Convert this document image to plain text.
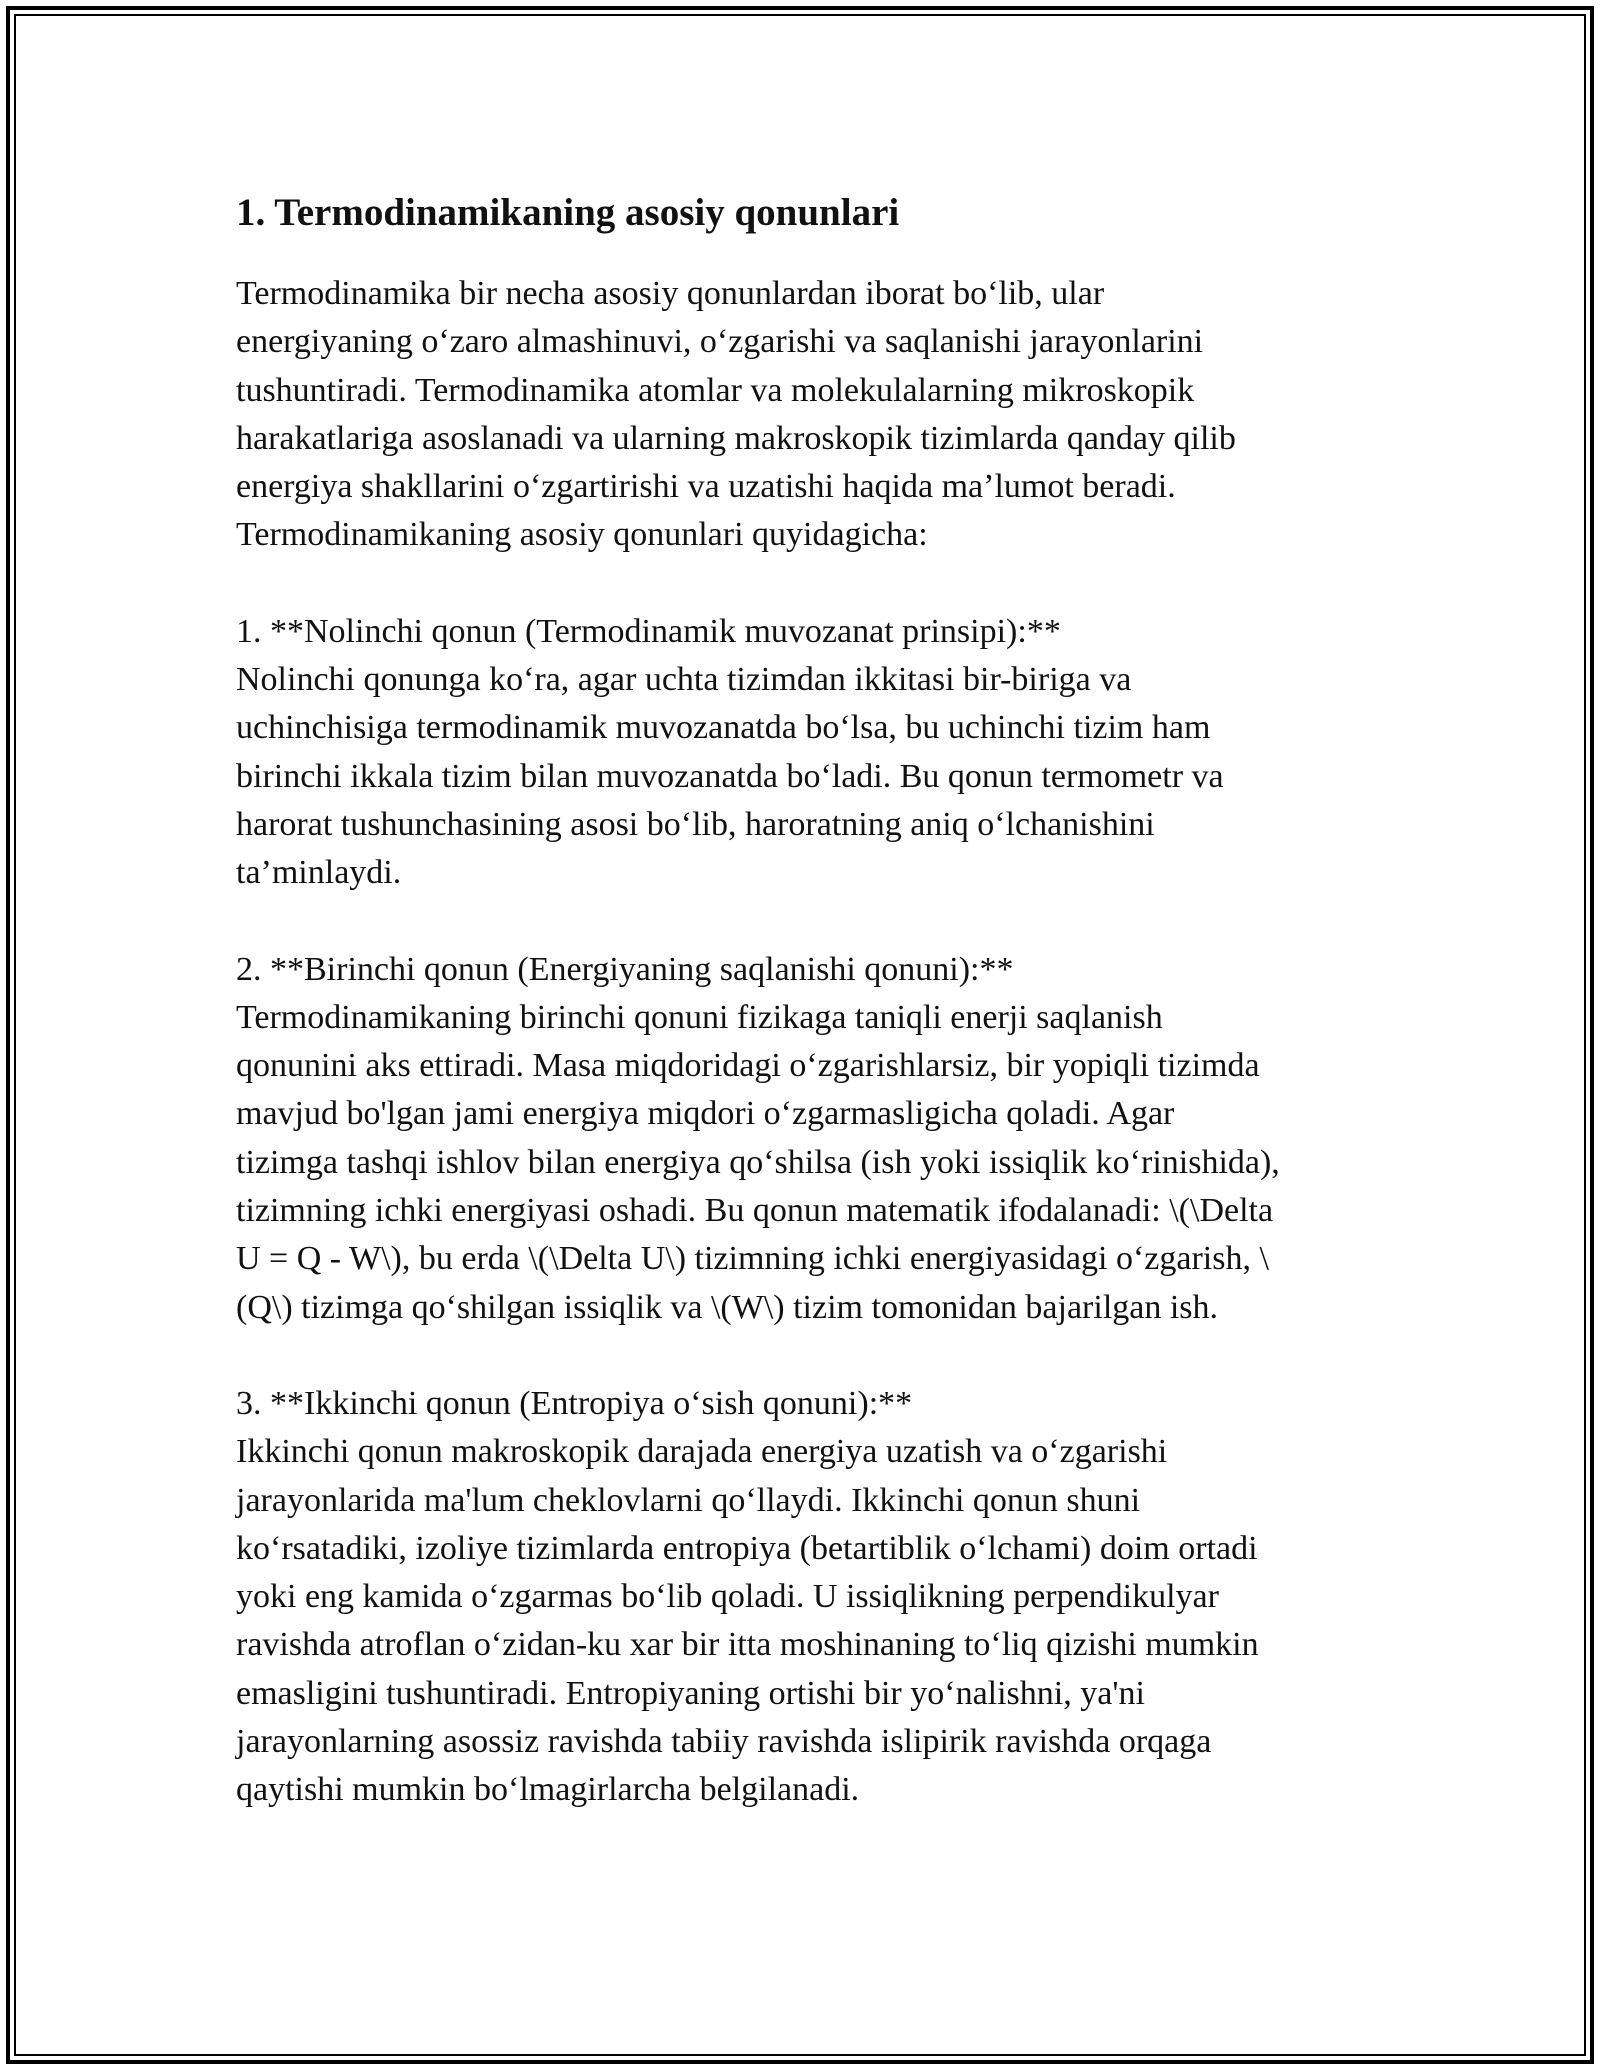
1. Termodinamikaning asosiy qonunlari

Termodinamika bir necha asosiy qonunlardan iborat bo‘lib, ular
energiyaning o‘zaro almashinuvi, o‘zgarishi va saqlanishi jarayonlarini
tushuntiradi. Termodinamika atomlar va molekulalarning mikroskopik
harakatlariga asoslanadi va ularning makroskopik tizimlarda qanday qilib
energiya shakllarini o‘zgartirishi va uzatishi haqida ma’lumot beradi.
Termodinamikaning asosiy qonunlari quyidagicha:

1. **Nolinchi qonun (Termodinamik muvozanat prinsipi):**

Nolinchi qonunga ko‘ra, agar uchta tizimdan ikkitasi bir-biriga va
uchinchisiga termodinamik muvozanatda bo‘lsa, bu uchinchi tizim ham
birinchi ikkala tizim bilan muvozanatda bo‘ladi. Bu qonun termometr va
harorat tushunchasining asosi bo‘lib, haroratning aniq o‘lchanishini
ta’minlaydi.

2. **Birinchi qonun (Energiyaning saqlanishi qonuni):**

Termodinamikaning birinchi qonuni fizikaga taniqli enerji saqlanish
qonunini aks ettiradi. Masa miqdoridagi o‘zgarishlarsiz, bir yopiqli tizimda
mavjud bo'lgan jami energiya miqdori o‘zgarmasligicha qoladi. Agar
tizimga tashqi ishlov bilan energiya qo‘shilsa (ish yoki issiqlik ko‘rinishida),
tizimning ichki energiyasi oshadi. Bu qonun matematik ifodalanadi: \(\Delta
U = Q - W\), bu erda \(\Delta U\) tizimning ichki energiyasidagi o‘zgarish, \
(Q\) tizimga qo‘shilgan issiqlik va \(W\) tizim tomonidan bajarilgan ish.

3. **Ikkinchi qonun (Entropiya o‘sish qonuni):**

Ikkinchi qonun makroskopik darajada energiya uzatish va o‘zgarishi
jarayonlarida ma'lum cheklovlarni qo‘llaydi. Ikkinchi qonun shuni
ko‘rsatadiki, izoliye tizimlarda entropiya (betartiblik o‘lchami) doim ortadi
yoki eng kamida o‘zgarmas bo‘lib qoladi. U issiqlikning perpendikulyar
ravishda atroflan o‘zidan-ku xar bir itta moshinaning to‘liq qizishi mumkin
emasligini tushuntiradi. Entropiyaning ortishi bir yo‘nalishni, ya'ni
jarayonlarning asossiz ravishda tabiiy ravishda islipirik ravishda orqaga
qaytishi mumkin bo‘lmagirlarcha belgilanadi.
